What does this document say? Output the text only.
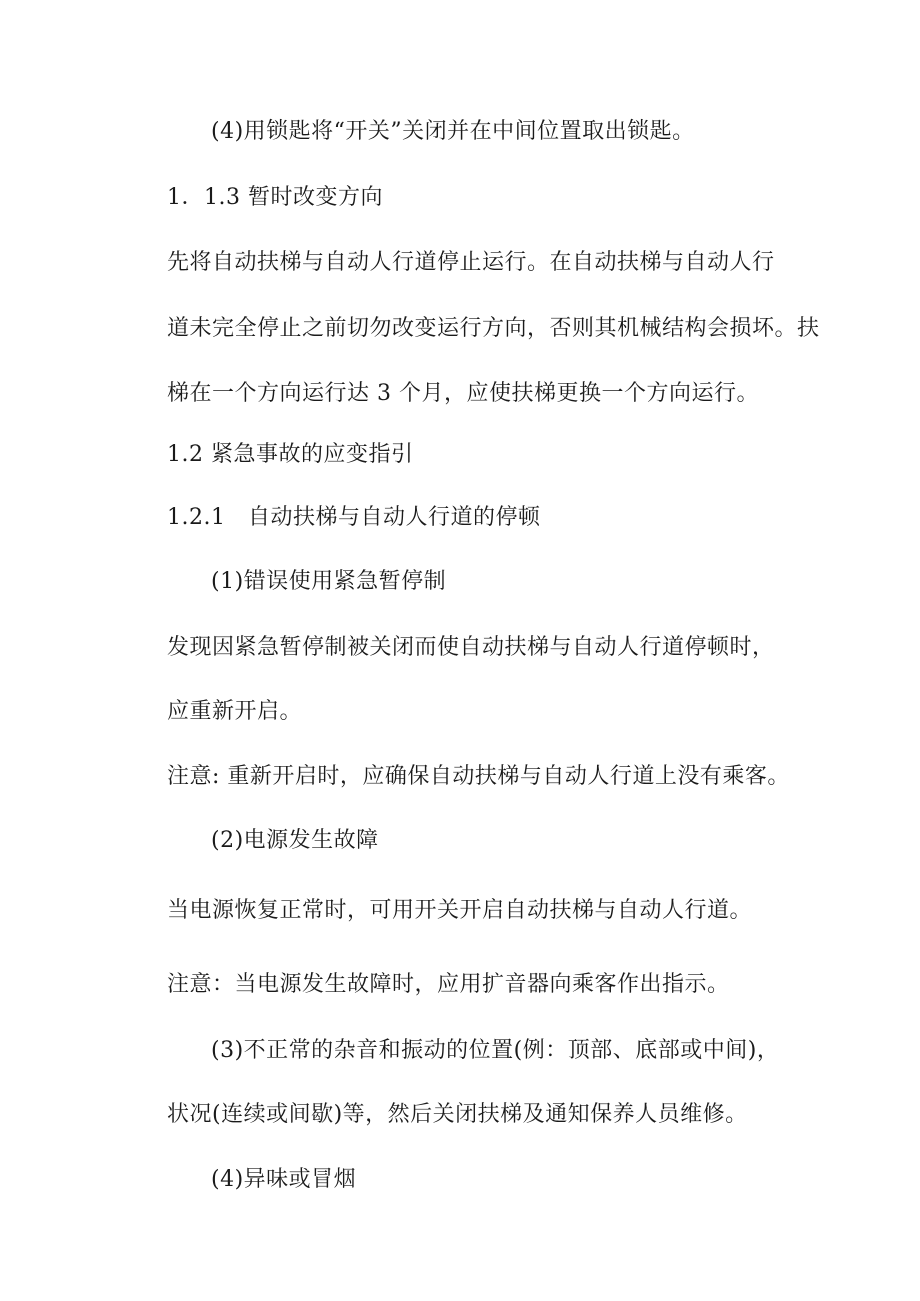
(4)用锁匙将“开关”关闭并在中间位置取出锁匙。
1．1.3 暂时改变方向
先将自动扶梯与自动人行道停止运行。在自动扶梯与自动人行
道未完全停止之前切勿改变运行方向，否则其机械结构会损坏。扶
梯在一个方向运行达 3 个月，应使扶梯更换一个方向运行。
1.2 紧急事故的应变指引
1.2.1　自动扶梯与自动人行道的停顿
(1)错误使用紧急暂停制
发现因紧急暂停制被关闭而使自动扶梯与自动人行道停顿时，
应重新开启。
注意: 重新开启时，应确保自动扶梯与自动人行道上没有乘客。
(2)电源发生故障
当电源恢复正常时，可用开关开启自动扶梯与自动人行道。
注意：当电源发生故障时，应用扩音器向乘客作出指示。
(3)不正常的杂音和振动的位置(例：顶部、底部或中间)，
状况(连续或间歇)等，然后关闭扶梯及通知保养人员维修。
(4)异味或冒烟
